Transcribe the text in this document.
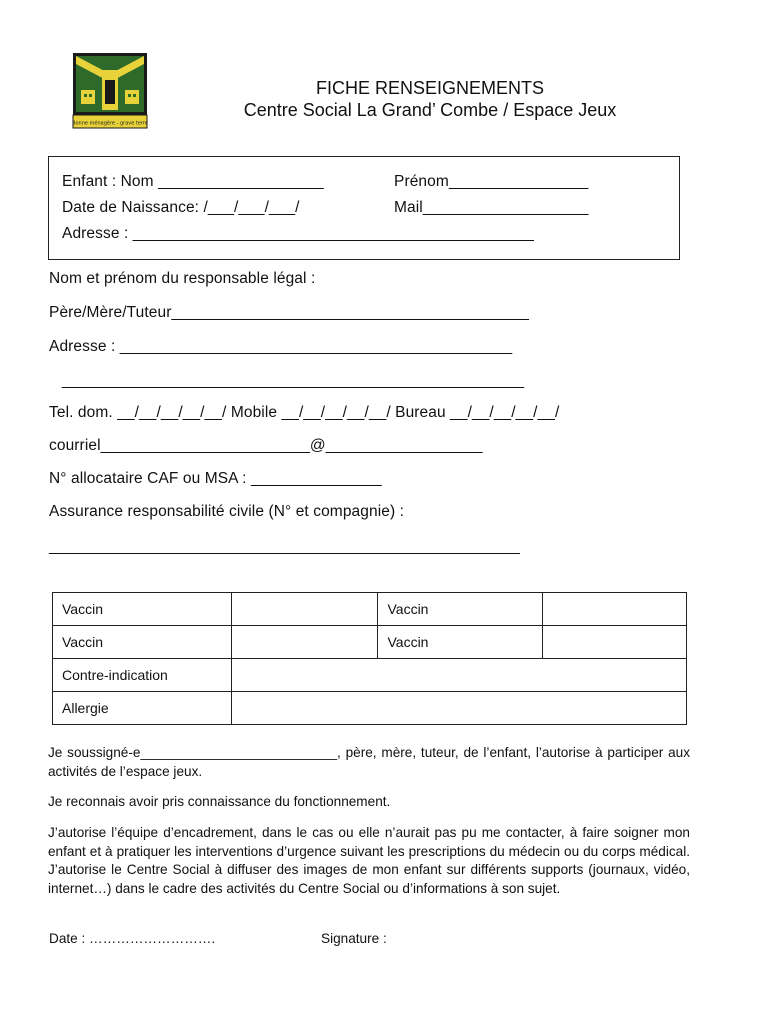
Bonne ménagère - grave terre
FICHE RENSEIGNEMENTS
Centre Social La Grand’ Combe / Espace Jeux
Enfant : Nom ___________________	Prénom________________
Date de Naissance: /___/___/___/	Mail___________________
Adresse : ______________________________________________
Nom et prénom du responsable légal :
Père/Mère/Tuteur_________________________________________
Adresse : _____________________________________________
_____________________________________________________
Tel. dom. __/__/__/__/__/ Mobile __/__/__/__/__/ Bureau __/__/__/__/__/
courriel________________________@__________________
N° allocataire CAF ou MSA : _______________
Assurance responsabilité civile (N° et compagnie) :
______________________________________________________
Vaccin		Vaccin	
Vaccin		Vaccin	
Contre-indication			
Allergie			
Je soussigné-e__________________________, père, mère, tuteur, de l’enfant, l’autorise à participer aux activités de l’espace jeux.
Je reconnais avoir pris connaissance du fonctionnement.
J’autorise l’équipe d’encadrement, dans le cas ou elle n’aurait pas pu me contacter, à faire soigner mon enfant et à pratiquer les interventions d’urgence suivant les prescriptions du médecin ou du corps médical. J’autorise le Centre Social à diffuser des images de mon enfant sur différents supports (journaux, vidéo, internet…) dans le cadre des activités du Centre Social ou d’informations à son sujet.
Date : ……………………….	Signature :
